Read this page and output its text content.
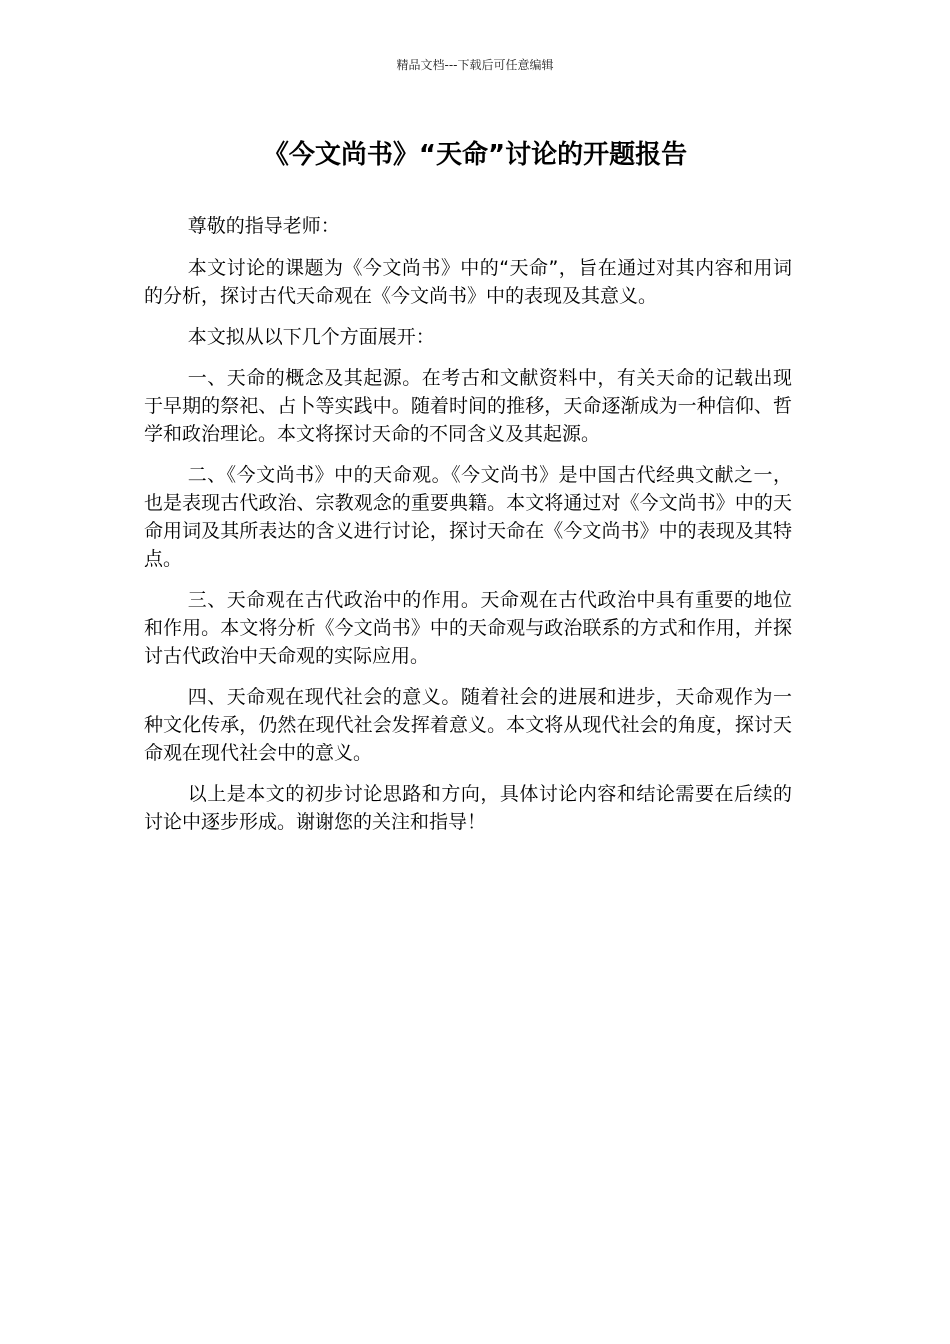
精品文档---下载后可任意编辑
《今文尚书》“天命”讨论的开题报告

尊敬的指导老师：

本文讨论的课题为《今文尚书》中的“天命”，旨在通过对其内容和用词的分析，探讨古代天命观在《今文尚书》中的表现及其意义。

本文拟从以下几个方面展开：

一、天命的概念及其起源。在考古和文献资料中，有关天命的记载出现于早期的祭祀、占卜等实践中。随着时间的推移，天命逐渐成为一种信仰、哲学和政治理论。本文将探讨天命的不同含义及其起源。

二、《今文尚书》中的天命观。《今文尚书》是中国古代经典文献之一，也是表现古代政治、宗教观念的重要典籍。本文将通过对《今文尚书》中的天命用词及其所表达的含义进行讨论，探讨天命在《今文尚书》中的表现及其特点。

三、天命观在古代政治中的作用。天命观在古代政治中具有重要的地位和作用。本文将分析《今文尚书》中的天命观与政治联系的方式和作用，并探讨古代政治中天命观的实际应用。

四、天命观在现代社会的意义。随着社会的进展和进步，天命观作为一种文化传承，仍然在现代社会发挥着意义。本文将从现代社会的角度，探讨天命观在现代社会中的意义。

以上是本文的初步讨论思路和方向，具体讨论内容和结论需要在后续的讨论中逐步形成。谢谢您的关注和指导！
